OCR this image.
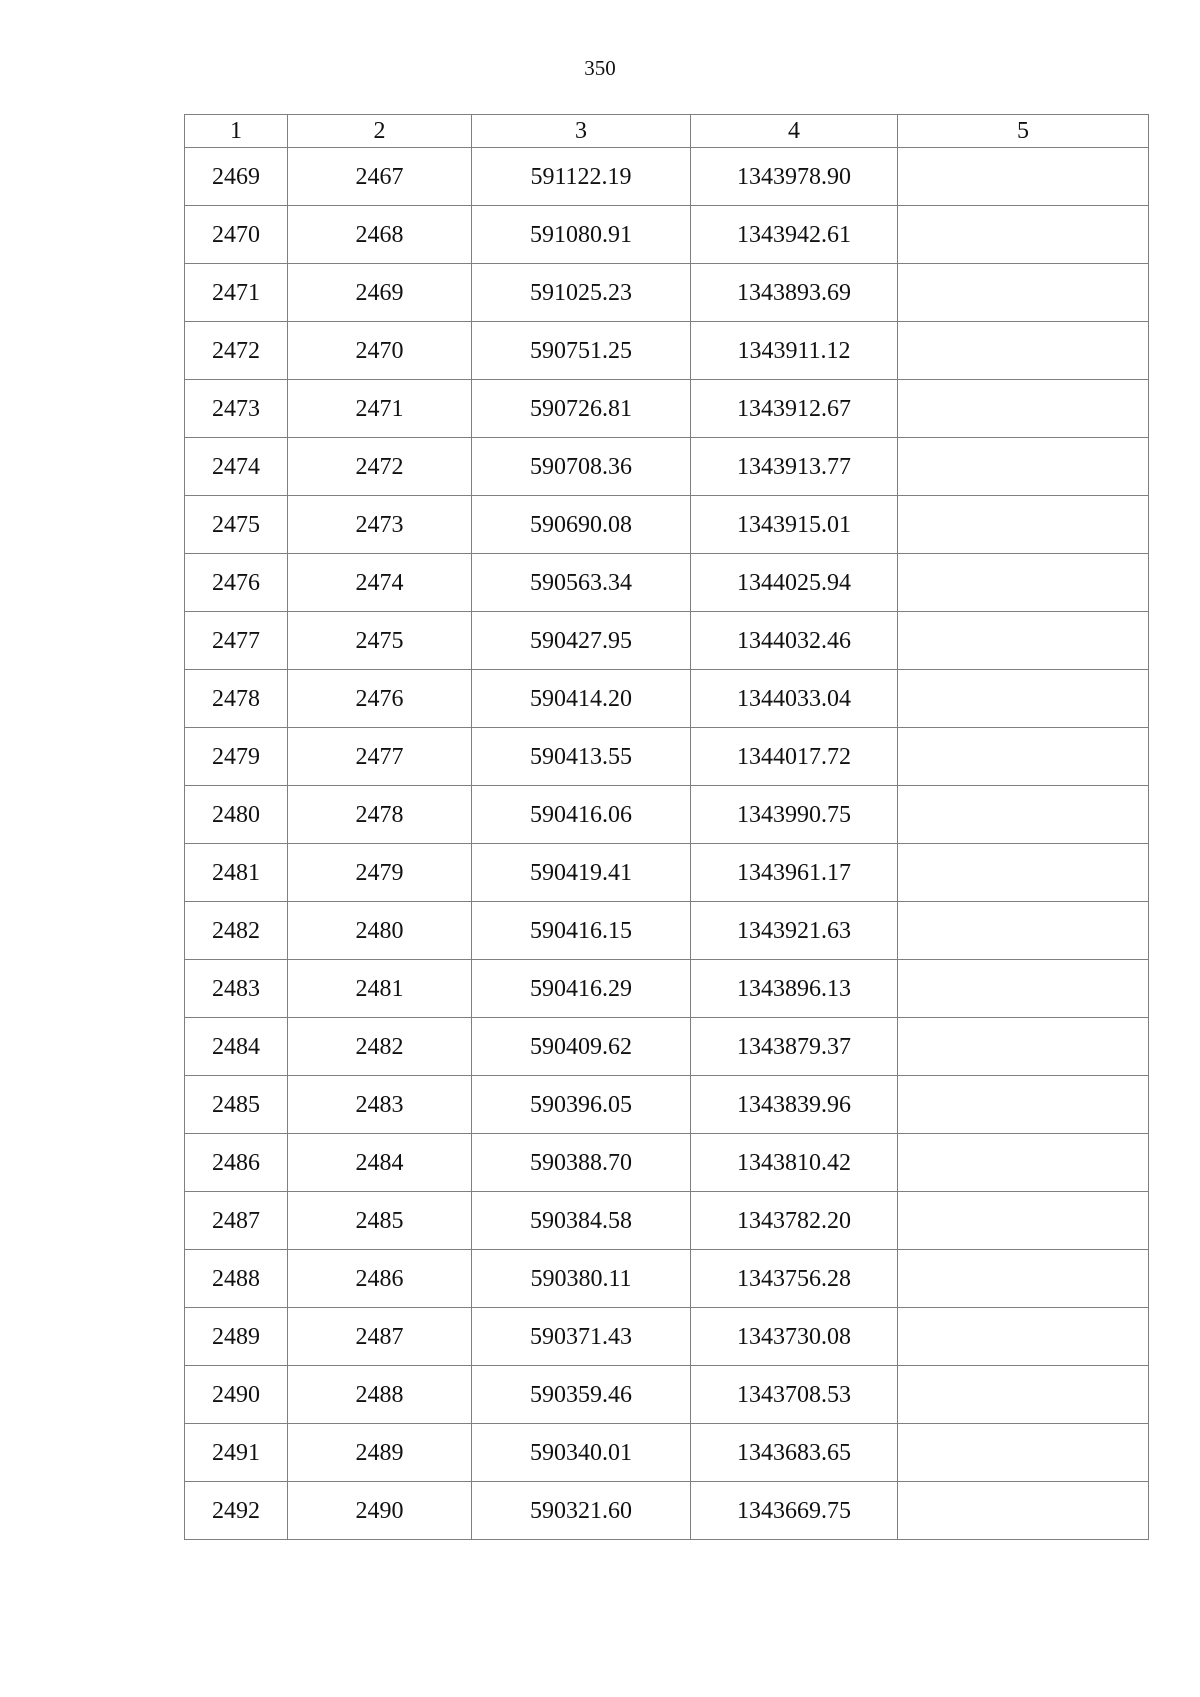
350
1	2	3	4	5
2469	2467	591122.19	1343978.90	
2470	2468	591080.91	1343942.61	
2471	2469	591025.23	1343893.69	
2472	2470	590751.25	1343911.12	
2473	2471	590726.81	1343912.67	
2474	2472	590708.36	1343913.77	
2475	2473	590690.08	1343915.01	
2476	2474	590563.34	1344025.94	
2477	2475	590427.95	1344032.46	
2478	2476	590414.20	1344033.04	
2479	2477	590413.55	1344017.72	
2480	2478	590416.06	1343990.75	
2481	2479	590419.41	1343961.17	
2482	2480	590416.15	1343921.63	
2483	2481	590416.29	1343896.13	
2484	2482	590409.62	1343879.37	
2485	2483	590396.05	1343839.96	
2486	2484	590388.70	1343810.42	
2487	2485	590384.58	1343782.20	
2488	2486	590380.11	1343756.28	
2489	2487	590371.43	1343730.08	
2490	2488	590359.46	1343708.53	
2491	2489	590340.01	1343683.65	
2492	2490	590321.60	1343669.75	
